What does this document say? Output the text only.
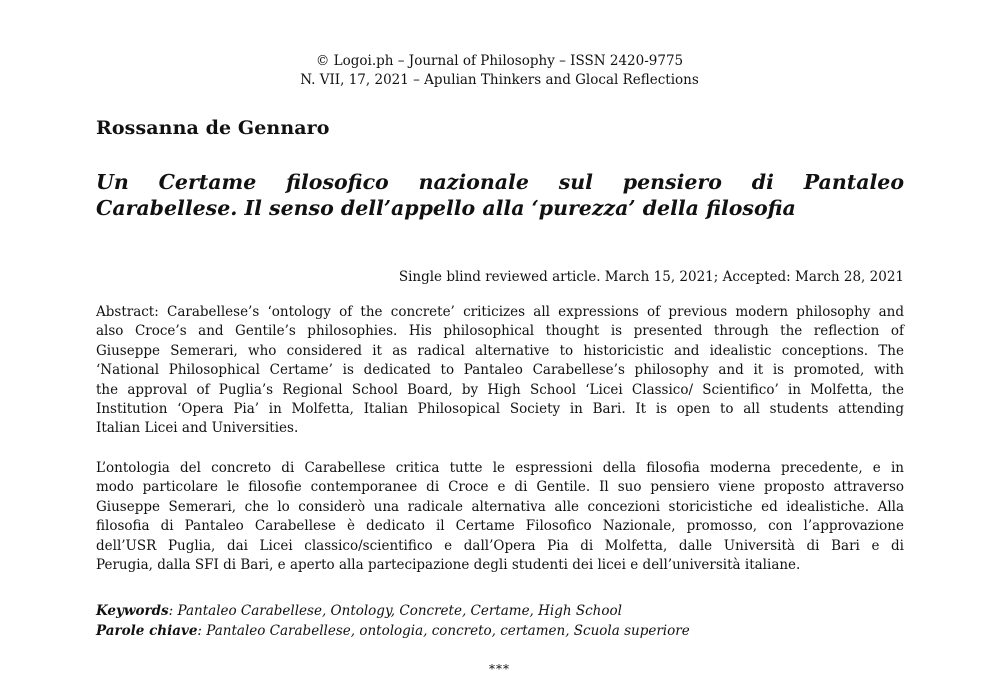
© Logoi.ph – Journal of Philosophy – ISSN 2420-9775
N. VII, 17, 2021 – Apulian Thinkers and Glocal Reflections
Rossanna de Gennaro
Un Certame filosofico nazionale sul pensiero di Pantaleo
Carabellese. Il senso dell’appello alla ‘purezza’ della filosofia
Single blind reviewed article. March 15, 2021; Accepted: March 28, 2021
Abstract: Carabellese’s ‘ontology of the concrete’ criticizes all expressions of previous modern philosophy and
also Croce’s and Gentile’s philosophies. His philosophical thought is presented through the reflection of
Giuseppe Semerari, who considered it as radical alternative to historicistic and idealistic conceptions. The
‘National Philosophical Certame’ is dedicated to Pantaleo Carabellese’s philosophy and it is promoted, with
the approval of Puglia’s Regional School Board, by High School ‘Licei Classico/ Scientifico’ in Molfetta, the
Institution ‘Opera Pia’ in Molfetta, Italian Philosopical Society in Bari. It is open to all students attending
Italian Licei and Universities.
L’ontologia del concreto di Carabellese critica tutte le espressioni della filosofia moderna precedente, e in
modo particolare le filosofie contemporanee di Croce e di Gentile. Il suo pensiero viene proposto attraverso
Giuseppe Semerari, che lo considerò una radicale alternativa alle concezioni storicistiche ed idealistiche. Alla
filosofia di Pantaleo Carabellese è dedicato il Certame Filosofico Nazionale, promosso, con l’approvazione
dell’USR Puglia, dai Licei classico/scientifico e dall’Opera Pia di Molfetta, dalle Università di Bari e di
Perugia, dalla SFI di Bari, e aperto alla partecipazione degli studenti dei licei e dell’università italiane.
Keywords: Pantaleo Carabellese, Ontology, Concrete, Certame, High School
Parole chiave: Pantaleo Carabellese, ontologia, concreto, certamen, Scuola superiore
***
